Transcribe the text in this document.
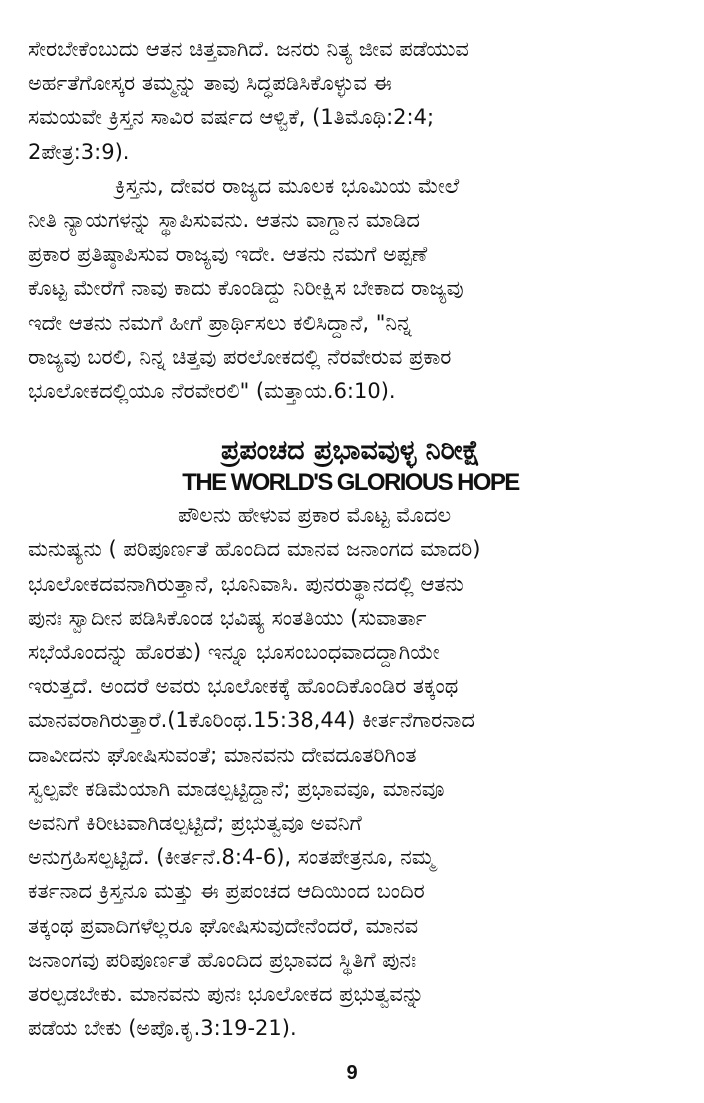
ಸೇರಬೇಕೆಂಬುದು ಆತನ ಚಿತ್ತವಾಗಿದೆ. ಜನರು ನಿತ್ಯ ಜೀವ ಪಡೆಯುವ
ಅರ್ಹತೆಗೋಸ್ಕರ ತಮ್ಮನ್ನು ತಾವು ಸಿದ್ಧಪಡಿಸಿಕೊಳ್ಳುವ ಈ
ಸಮಯವೇ ಕ್ರಿಸ್ತನ ಸಾವಿರ ವರ್ಷದ ಆಳ್ವಿಕೆ, (1ತಿಮೊಥಿ:2:4;
2ಪೇತ್ರ:3:9).
ಕ್ರಿಸ್ತನು, ದೇವರ ರಾಜ್ಯದ ಮೂಲಕ ಭೂಮಿಯ ಮೇಲೆ
ನೀತಿ ನ್ಯಾಯಗಳನ್ನು ಸ್ಥಾಪಿಸುವನು. ಆತನು ವಾಗ್ದಾನ ಮಾಡಿದ
ಪ್ರಕಾರ ಪ್ರತಿಷ್ಠಾಪಿಸುವ ರಾಜ್ಯವು ಇದೇ. ಆತನು ನಮಗೆ ಅಪ್ಪಣೆ
ಕೊಟ್ಟ ಮೇರೆಗೆ ನಾವು ಕಾದು ಕೊಂಡಿದ್ದು ನಿರೀಕ್ಷಿಸ ಬೇಕಾದ ರಾಜ್ಯವು
ಇದೇ ಆತನು ನಮಗೆ ಹೀಗೆ ಪ್ರಾರ್ಥಿಸಲು ಕಲಿಸಿದ್ದಾನೆ, "ನಿನ್ನ
ರಾಜ್ಯವು ಬರಲಿ, ನಿನ್ನ ಚಿತ್ತವು ಪರಲೋಕದಲ್ಲಿ ನೆರವೇರುವ ಪ್ರಕಾರ
ಭೂಲೋಕದಲ್ಲಿಯೂ ನೆರವೇರಲಿ" (ಮತ್ತಾಯ.6:10).
ಪ್ರಪಂಚದ ಪ್ರಭಾವವುಳ್ಳ ನಿರೀಕ್ಷೆ
THE WORLD'S GLORIOUS HOPE
ಪೌಲನು ಹೇಳುವ ಪ್ರಕಾರ ಮೊಟ್ಟ ಮೊದಲ
ಮನುಷ್ಯನು ( ಪರಿಪೂರ್ಣತೆ ಹೊಂದಿದ ಮಾನವ ಜನಾಂಗದ ಮಾದರಿ)
ಭೂಲೋಕದವನಾಗಿರುತ್ತಾನೆ, ಭೂನಿವಾಸಿ. ಪುನರುತ್ಥಾನದಲ್ಲಿ ಆತನು
ಪುನಃ ಸ್ವಾದೀನ ಪಡಿಸಿಕೊಂಡ ಭವಿಷ್ಯ ಸಂತತಿಯು (ಸುವಾರ್ತಾ
ಸಭೆಯೊಂದನ್ನು ಹೊರತು) ಇನ್ನೂ ಭೂಸಂಬಂಧವಾದದ್ದಾಗಿಯೇ
ಇರುತ್ತದೆ. ಅಂದರೆ ಅವರು ಭೂಲೋಕಕ್ಕೆ ಹೊಂದಿಕೊಂಡಿರ ತಕ್ಕಂಥ
ಮಾನವರಾಗಿರುತ್ತಾರೆ.(1ಕೊರಿಂಥ.15:38,44) ಕೀರ್ತನೆಗಾರನಾದ
ದಾವೀದನು ಘೋಷಿಸುವಂತೆ; ಮಾನವನು ದೇವದೂತರಿಗಿಂತ
ಸ್ವಲ್ಪವೇ ಕಡಿಮೆಯಾಗಿ ಮಾಡಲ್ಪಟ್ಟಿದ್ದಾನೆ; ಪ್ರಭಾವವೂ, ಮಾನವೂ
ಅವನಿಗೆ ಕಿರೀಟವಾಗಿಡಲ್ಪಟ್ಟಿದೆ; ಪ್ರಭುತ್ವವೂ ಅವನಿಗೆ
ಅನುಗ್ರಹಿಸಲ್ಪಟ್ಟಿದೆ. (ಕೀರ್ತನೆ.8:4-6), ಸಂತಪೇತ್ರನೂ, ನಮ್ಮ
ಕರ್ತನಾದ ಕ್ರಿಸ್ತನೂ ಮತ್ತು ಈ ಪ್ರಪಂಚದ ಆದಿಯಿಂದ ಬಂದಿರ
ತಕ್ಕಂಥ ಪ್ರವಾದಿಗಳೆಲ್ಲರೂ ಘೋಷಿಸುವುದೇನೆಂದರೆ, ಮಾನವ
ಜನಾಂಗವು ಪರಿಪೂರ್ಣತೆ ಹೊಂದಿದ ಪ್ರಭಾವದ ಸ್ಥಿತಿಗೆ ಪುನಃ
ತರಲ್ಪಡಬೇಕು. ಮಾನವನು ಪುನಃ ಭೂಲೋಕದ ಪ್ರಭುತ್ವವನ್ನು
ಪಡೆಯ ಬೇಕು (ಅಪೊ.ಕೃ.3:19-21).
9
